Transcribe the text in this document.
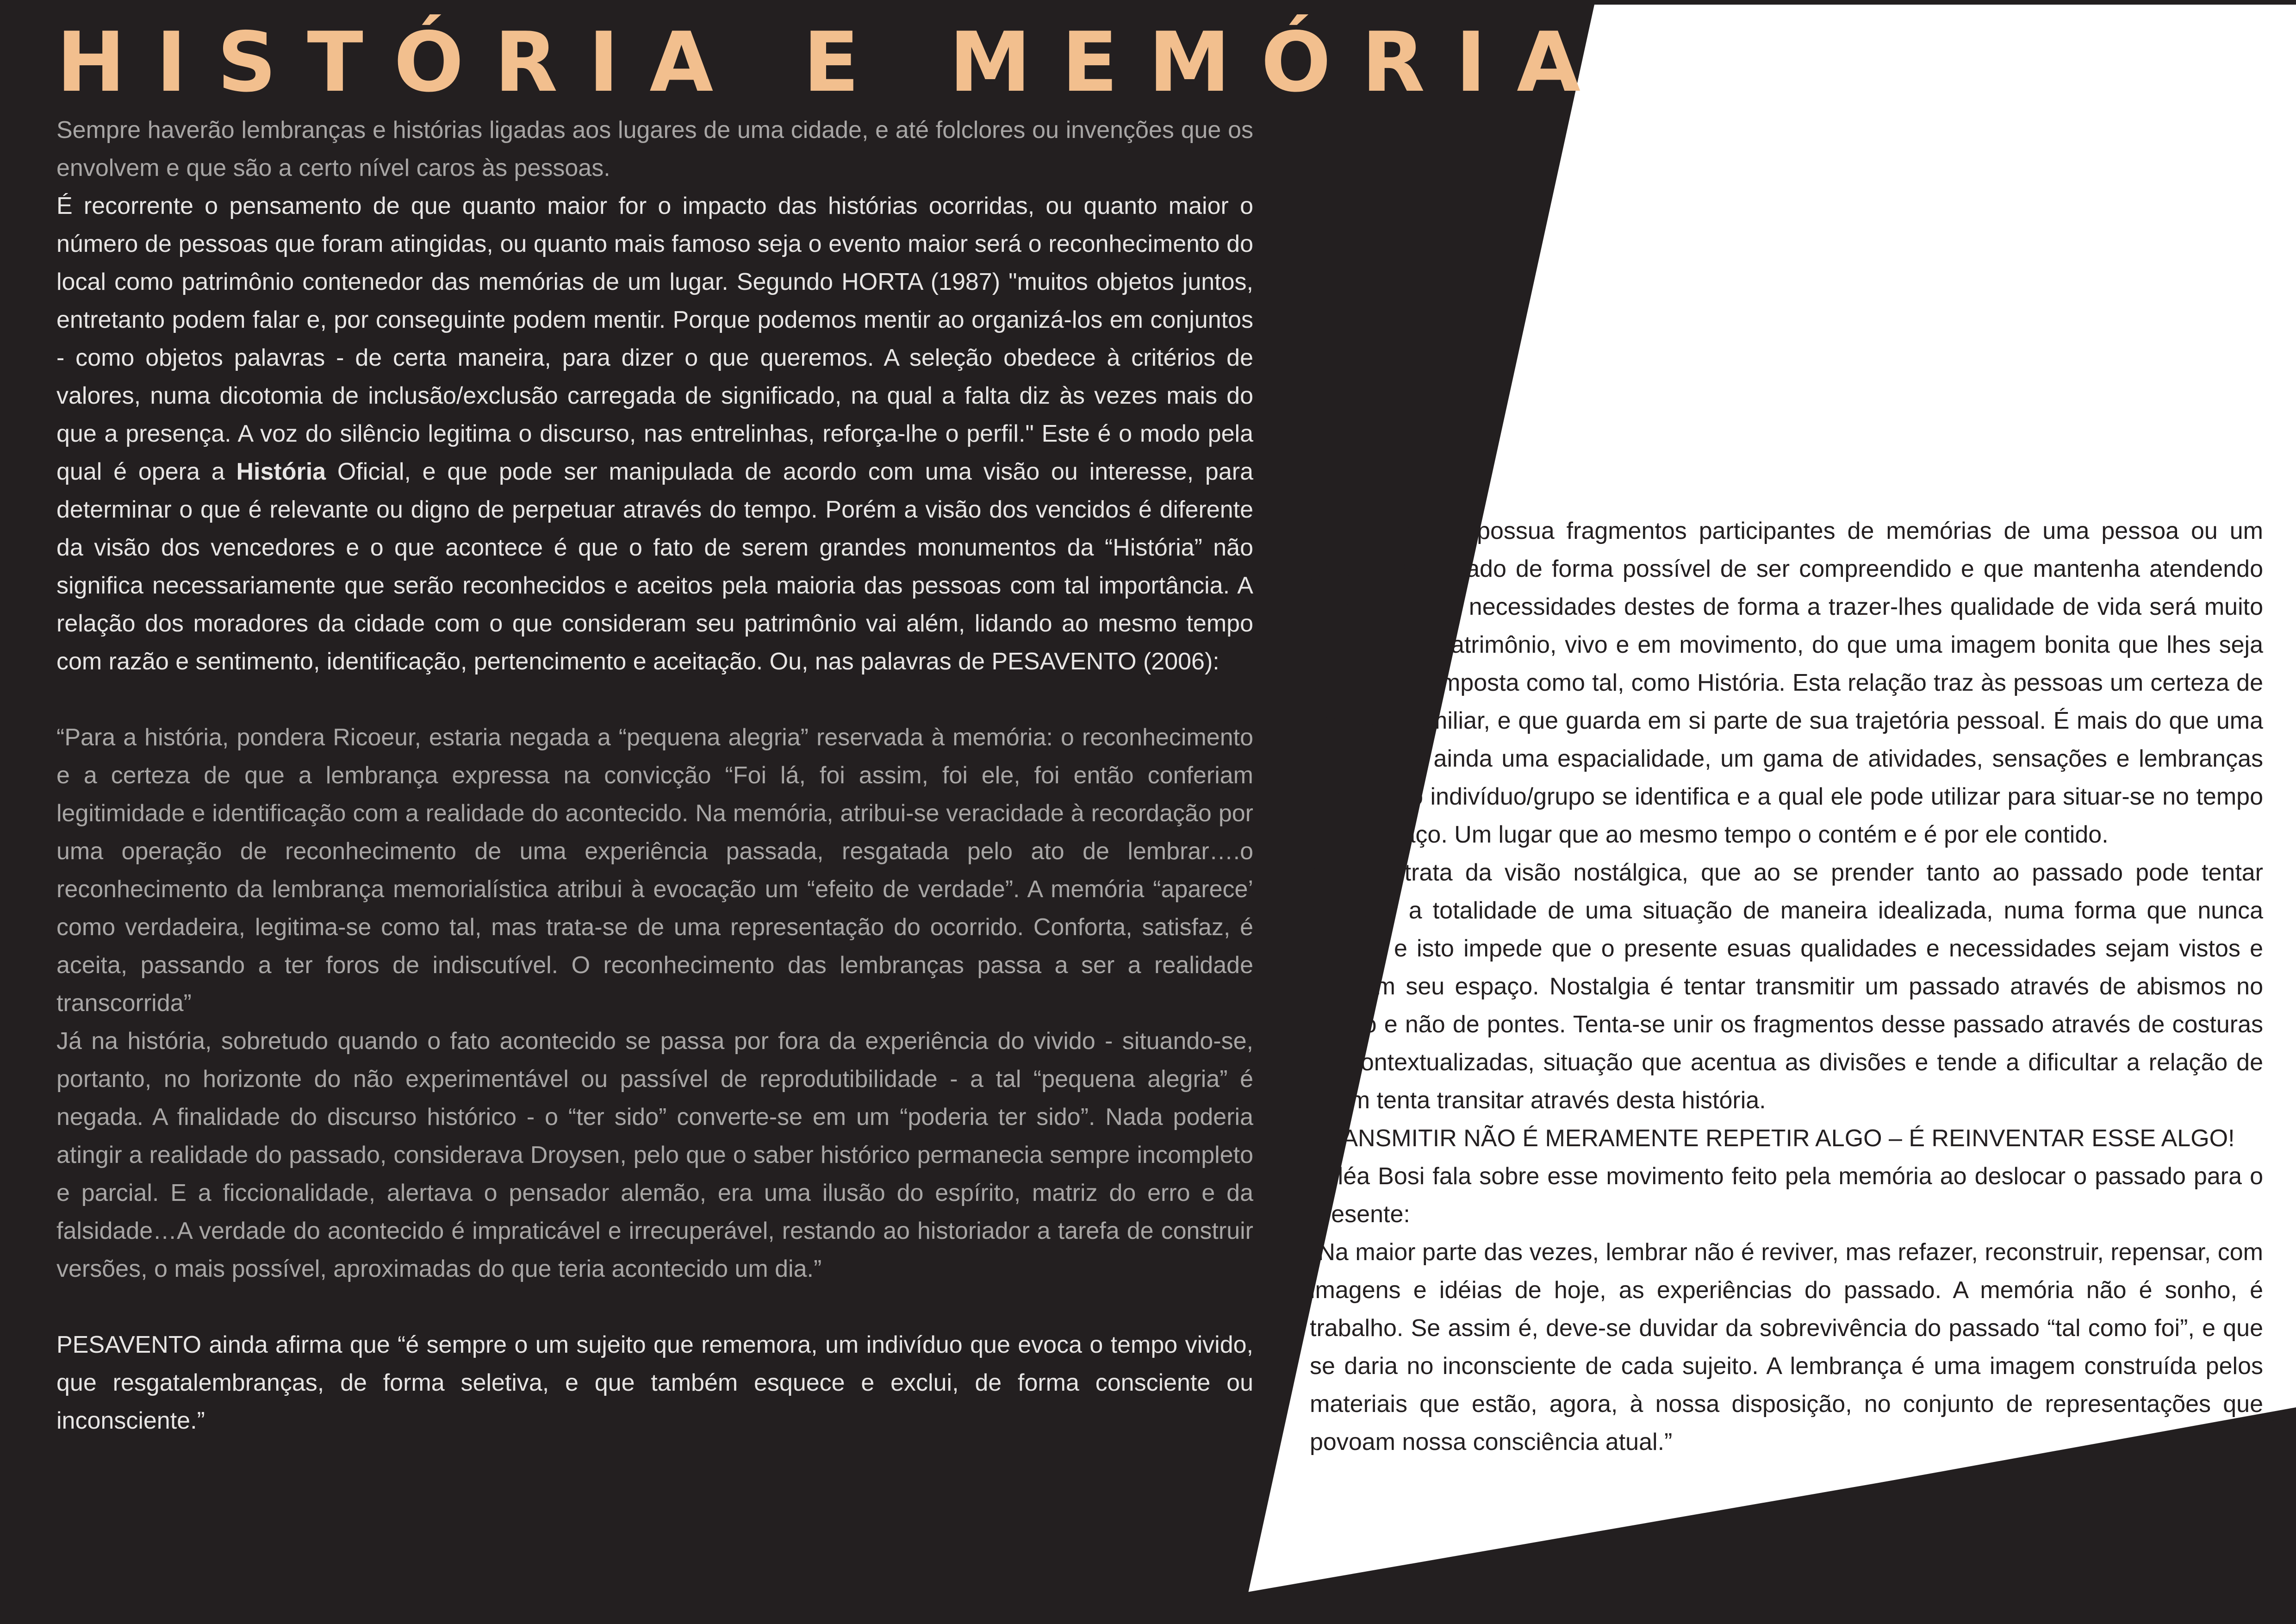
HISTÓRIA E MEMÓRIA

Sempre haverão lembranças e histórias ligadas aos lugares de uma cidade, e até folclores ou invenções que os envolvem e que são a certo nível caros às pessoas.

É recorrente o pensamento de que quanto maior for o impacto das histórias ocorridas, ou quanto maior o número de pessoas que foram atingidas, ou quanto mais famoso seja o evento maior será o reconhecimento do local como patrimônio contenedor das memórias de um lugar. Segundo HORTA (1987) "muitos objetos juntos, entretanto podem falar e, por conseguinte podem mentir. Porque podemos mentir ao organizá-los em conjuntos - como objetos palavras - de certa maneira, para dizer o que queremos. A seleção obedece à critérios de valores, numa dicotomia de inclusão/exclusão carregada de significado, na qual a falta diz às vezes mais do que a presença. A voz do silêncio legitima o discurso, nas entrelinhas, reforça-lhe o perfil." Este é o modo pela qual é opera a História Oficial, e que pode ser manipulada de acordo com uma visão ou interesse, para determinar o que é relevante ou digno de perpetuar através do tempo. Porém a visão dos vencidos é diferente da visão dos vencedores e o que acontece é que o fato de serem grandes monumentos da “História” não significa necessariamente que serão reconhecidos e aceitos pela maioria das pessoas com tal importância. A relação dos moradores da cidade com o que consideram seu patrimônio vai além, lidando ao mesmo tempo com razão e sentimento, identificação, pertencimento e aceitação. Ou, nas palavras de PESAVENTO (2006):

“Para a história, pondera Ricoeur, estaria negada a “pequena alegria” reservada à memória: o reconhecimento e a certeza de que a lembrança expressa na convicção “Foi lá, foi assim, foi ele, foi então conferiam legitimidade e identificação com a realidade do acontecido. Na memória, atribui-se veracidade à recordação por uma operação de reconhecimento de uma experiência passada, resgatada pelo ato de lembrar….o reconhecimento da lembrança memorialística atribui à evocação um “efeito de verdade”. A memória “aparece’ como verdadeira, legitima-se como tal, mas trata-se de uma representação do ocorrido. Conforta, satisfaz, é aceita, passando a ter foros de indiscutível. O reconhecimento das lembranças passa a ser a realidade transcorrida”

Já na história, sobretudo quando o fato acontecido se passa por fora da experiência do vivido - situando-se, portanto, no horizonte do não experimentável ou passível de reprodutibilidade - a tal “pequena alegria” é negada. A finalidade do discurso histórico - o “ter sido” converte-se em um “poderia ter sido”. Nada poderia atingir a realidade do passado, considerava Droysen, pelo que o saber histórico permanecia sempre incompleto e parcial. E a ficcionalidade, alertava o pensador alemão, era uma ilusão do espírito, matriz do erro e da falsidade…A verdade do acontecido é impraticável e irrecuperável, restando ao historiador a tarefa de construir versões, o mais possível, aproximadas do que teria acontecido um dia.”

PESAVENTO ainda afirma que “é sempre o um sujeito que rememora, um indivíduo que evoca o tempo vivido, que resgatalembranças, de forma seletiva, e que também esquece e exclui, de forma consciente ou inconsciente.”

Um lugar que possua fragmentos participantes de memórias de uma pessoa ou um grupo, organizado de forma possível de ser compreendido e que mantenha atendendo aos desejos e necessidades destes de forma a trazer-lhes qualidade de vida será muito mais o seu patrimônio, vivo e em movimento, do que uma imagem bonita que lhes seja vendido ou imposta como tal, como História. Esta relação traz às pessoas um certeza de um local familiar, e que guarda em si parte de sua trajetória pessoal. É mais do que uma imagem, é ainda uma espacialidade, um gama de atividades, sensações e lembranças com que o indivíduo/grupo se identifica e a qual ele pode utilizar para situar-se no tempo e no espaço. Um lugar que ao mesmo tempo o contém e é por ele contido.

Não se trata da visão nostálgica, que ao se prender tanto ao passado pode tentar resgatar a totalidade de uma situação de maneira idealizada, numa forma que nunca existiu, e isto impede que o presente esuas qualidades e necessidades sejam vistos e ocupem seu espaço. Nostalgia é tentar transmitir um passado através de abismos no tempo e não de pontes. Tenta-se unir os fragmentos desse passado através de costuras descontextualizadas, situação que acentua as divisões e tende a dificultar a relação de quem tenta transitar através desta história.

TRANSMITIR NÃO É MERAMENTE REPETIR ALGO – É REINVENTAR ESSE ALGO!

Ecléa Bosi fala sobre esse movimento feito pela memória ao deslocar o passado para o presente:

“Na maior parte das vezes, lembrar não é reviver, mas refazer, reconstruir, repensar, com imagens e idéias de hoje, as experiências do passado. A memória não é sonho, é trabalho. Se assim é, deve-se duvidar da sobrevivência do passado “tal como foi”, e que se daria no inconsciente de cada sujeito. A lembrança é uma imagem construída pelos materiais que estão, agora, à nossa disposição, no conjunto de representações que povoam nossa consciência atual.”
